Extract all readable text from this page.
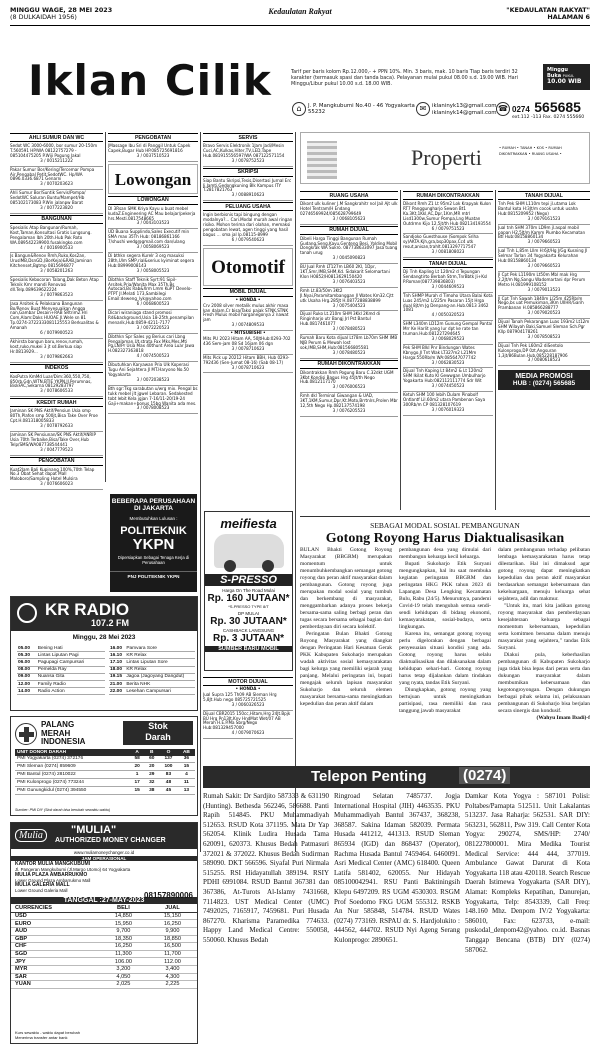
MINGGU WAGE, 28 MEI 2023
(8 DULKAIDAH 1956)
Kedaulatan Rakyat	"KEDAULATAN RAKYAT"
HALAMAN 6
Iklan Cilik	Tarif per baris kolom Rp.12.000,- + PPN 10%. Min. 3 baris, mak. 10 baris Tiap baris terdiri 32 karakter (termasuk spasi dan tanda baca). Pelayanan mulai pukul 08.00 s.d. 19.00 WIB. Hari Minggu/Libur pukul 10.00 s.d. 18.00 WIB.
Minggu
Buka PUKUL
10.00 WIB
⌂	J. P. Mangkubumi No.40 - 46 Yogyakarta 55232	✉	iklaninyk13@gmail.com
iklaninyk14@gmail.com ☎ 0274 565685
ext.112 -113 Fax. 0274 555660
AHLI SUMUR DAN WC
Sedot WC 3000-6000, bor sumur 20-150m T.560591 HP/WA 08122757279 - 085104475205 P.Wiji Pogung Jakal
3 / 0015211222
Pakar Sumur Bor/Kering/Tercemar Pompa Air,Pengabal Petit,SedotWC. Hp/WA 0896.0336.6871 Genarni
3 / 0070203623
Ahli Sumur Bor/Suntik Servis/Pompa/ SedotWC Saluran Buntu/Mampet/Hb 085102173083 P.Win jalanpw Barat
3 / 0077223820
BANGUNAN
Spesialis Atap Bangunan/Rumah, Kost,Taman,Konsultasi Gratis Lungsung. Pengalaman lbh 20th.Hub Pak Roto WA.089542239900.fusakingko.com
4 / 0016900533
Js Bangun&Renov Rmh,Ruko,Kos2an, UrusIMB,DsnGD,(BorKeja)&RAB,Jaminan Kitchenset,Bgtmp 0815696877
3 / 0058201263
Spesialis Kebocoran Talang,Dak Beton Atap Teknik Kmr mandi Renovasi dll.Telp.089639622224
3 / 0079863523
Jasa Arsitek & Pelaksana Bangunan Bo/Renov Buat Menyesuaikan Angga nan,Gambar Desain+RAB SRtrim2.Hri Com,Alam:Daks HUOAE Jl.Wele sn 81 Tp.0274-3722333081125553 Berkualitas & Amanah
6 / 0079900523
Akhirsta bangun baru,renov,rumah, kost,ruko,mukei 3 jt sd.Berkua siap Hr.0813929...
3 / 0079862663
INDEKOS
KosPutra KmMd Luar/Dim:360,550,750, 850rb,Gdn,WTN,BTIE YKPN,Jl.Perumnas, BiskFAC,Sekarna 08129283797
3 / 0078606533
KREDIT RUMAH
Jaminan SK PNS Aktif/Pensiun Usia smp 80Th,Plafon smp 500jt,Bisa Take Over Proe Cpt.H.081318005833
3 / 0078792633
Jaminan SK Pensiunan/SK PNS Aktif/ANRIP Usia 70th Terbaike,Bisa/Take Over,Hub Telp/SMS/WA087738544441
3 / 0047779523
PENGOBATAN
Kuat2Jam Bali Kupinang 100%,70th Telap No.3 Obat Sehat dapat Mall Maloboro/Sampling Hotel Mulsira
3 / 0076606023
PENGOBATAN
JMassage Ibu Sri di Panggil Untuk Capek Capek,Bugar Hub HP.085725691816
3 / 0037510523
Lowongan
LOWONGAN
Dl 3Rsan SMK Kriya Kayu u buat mebel kudaZ.Engineering AC Mau belajar/pekerja hrs.Mesti.0817548665
3 / 0043103523
UD Buana Supplindo,Sales Executif min SMA max 35Th Hub: 08186861166 7/shushi wedg@gmail.com dan/ulang
3 / 0058069523
Di bthkn segera Kurelr 3 org masuksi 28th,Ulm SMP,rial&serius kyiminat segera Hub:08999008143
3 / 0058005523
Dibthkn Staff Teknik Syrt:91 Sipil-Arsitek,Pria/Wanita Max 35Th,Bs Autocad,Bs Rab&Xrm Lmm KuPT Develo-PTPT Jl.Melati 173,Sambilegi Email:deweng_lyk@yahoo.com
6 / 0068600523
Dicari wiraniaga stand promosi Rd&background,Usia 18-25th,penampilan menarik,Hub:0859-4211-7177
3 / 0072220523
Dibthkn Spr Sales yg Berius cari Lbng Pengalaman,Ut.strata Fax Mks,Mes,Mti Pg,LN/Pr Usia Max 40thunt Area Luar Jawa H.082327363818
4 / 0074500523
Dibutuhkan Karyawan Pria Ulk Koperasi Tugu Ani Sejahtera Jl MT.Haryono No.50 Yogyakarta
3 / 0072038523
Bth sgr:Tkg sarabutan u/wrg mix. Pengal bs tukk mebel jlt jgwel Lebaran. Sedakested tobt lebit Kela jgjan 7-16/11-20/19-24 Gaji+makan+bonus 15bg Wanita ada mes.
3 / 0078008523
BEBERAPA PERUSAHAAN
DI JAKARTA
Membutuhkan Lulusan :
POLITEKNIK
YKPN
Dipersiapkan Sebagai Tenaga Kerja di
Perusahaan
PNJ POLITEKNIK YKPN
SERVIS
Bravo Servis Elektronik 1Jam Jadi/Mesin Cuci,AC,Kulkas,Hiter,TV,LED,Tape Hub.081915556597/WA 087122571154
3 / 0078752523
SKRIPSI
Siap Bantu Skripsi,Tesis,Disertasi Jurnal Erc Ji.Jamti,Gedongkuning Blk Kampus ITY T.2817821763
3 / 0088910623
PELUANG USAHA
Ingin berbisnis tapi bingung dengan modalnya?... Cari.Modal murah awal ringan risiko. Mohon terima dari olahan, memaksi pengobatan lewat, agen tinggi yang hasil bagus ... sma jal lp.08115-8999
6 / 0079540623
Otomotif
MOBIL DIJUAL
• HONDA •
Crv 2008 silver metalik mulus akhir masa kan dalam,Cr bisa/Taksi pajak STNK,STNK Fresh Mulus mobil harganegonya 2 nawat jam
3 / 0074809533
• MITSUBISHI •
Mits PU 2023 Hitam AA, 50JtHub:0293-702 436 Sem-jam 08 Sd 16jam 06 dgn
3 / 0078710623
Mits Pick up 20212 Hitam BBH, Hub 0293-792436 (Sen-Jumat 08-16) (Sab 08-17)
3 / 0078710623
meifiesta
S-PRESSO
Harga On The Road Mulai
Rp. 160 JUTAAN*
*S-PRESSO TYPE 8/T
DP MULAI
Rp. 30 JUTAAN*
CASHBACK LANGSUNG
Rp. 3 JUTAAN*
SUMBER BARU MOBIL
MOTOR DIJUAL
• HONDA •
Jual Supra 125 Th09 AB Sleman Hrg 5,8Jt.Hub nego 085725721525
3 / 0060326523
Dijual CBR2015 150cc,Hitam,Hrg 24Jt.Bpjk BU Hrg Pn13Jt,Knv HndMat Wet/07 AB Merah H.E.P.Ma Sbrg/Nego Hub:081329457000
4 / 0079070623
Properti	• RUMAH • TANAH • KOS • RUMAH DIKONTRAKKAN • RUANG USAHA •
RUANG USAHA
Dikont ulk kuliner J.M Sangkrahitr nol Jail Ajt ulk Hotel Tentram/H Endang 02746569924/085628799649
3 / 0068105623
RUMAH DIJUAL
Dibeli Harga Tinggi Bangunan Rumah Gudang,Seng,Kayu,Genteng Besi, Yolding Mobil Dongkrak WA Sukro. 087738633097 Jasa tuang tanah urug
3 / 0045090823
BU Jual Rmh LT127m LB60 2KI, 1Dpr, 1KT,Smr,IMB,SHM,Kd. Sidakarit Selomartani Klon H0852/H0813629150420
3 / 0076403523
Rmh Lt.83/50m 3Kt2 Jl.Nyai,Paramitambanggan Jl Wates Km32.Cjtt utk Usaha Hrg.285Jt H.0877288838899
3 / 0075404523
Dijual Ruko Lt.210m SHM 3Kkl 2Kmd di Ringinharjo utr Bangj Jrl Pst Bantul Hub.0817461077
3 / 0078480523
Rumah Baru Kota dijual Lt78m Lb70m SHM IMB NJB Perum & Mewah lost sok,IMB,SHM,Hub:081566805581
3 / 0078480523
RUMAH DIKONTRAKKAN
Dikontrakkan Rmh Pogung Baru C.32dkt UGM 3Kbt Kondisi Bagus Hrg 45Jt/th Nego Hub.0812117170
3 / 0076006523
Rmh dkl Terminal Giwangan & UAD, 3KT,1KM,Sumur,Dpr,Kt.Moto,Brrtnlrs,Prolen Mbr 12,5th Nego Hp.082137574198
3 / 0076205523
RUMAH DIKONTRAKKAN
Dikont Rmh Z1 Lt 95m2 Lok Krapyak Kulon RT7 Panggungharjo Sewon Bt1 Ka.3Kt,1Kkl,AC,Dpr,1Km,MR mtrl Lisd1300w,Sumur Pompa,Lng Muatan Outdrmn Kijo 12,5jt/th Hub 082134193554
6 / 0079751523
Sandjoko Guesthouse (Sompok Sriha sy)AKTA.Kjh,gra,bsp30pax,Cc4 utk resut,anisan,trahlt.0813297717547
3 / 0081808023
TANAH DIJUAL
Dji Tnh Kapling Lt 120m2 d Tepungan Sendangtirto Berbah Strm,TnrBbtk Ji+Ksl P.Roman(087739836803)
3 / 0044609523
Tnh SHMP Murah d Timoho Utara Balai Kota Luas 245/m2 L/225m Pasaran 15jt Hrga dual 8jt/m Jg Denpang-an.Hub.0813 3462 1081
4 / 0050320523
SHM L340m LD12m Gunung Gempal Pantai Mrr Ke Harlit yang lur dpt ke rate tan truman.Hub:081227294645
3 / 0068029523
Pek SHM Blkl Pnr Bindungan Wates Kbnygo.Jl Tnt Wak LT327m2 L21Mm Harga:550Rb/m WA:085647077742
3 / 0062830523
Dijual Tnh Kaping Lt 84m2 & Lt 120m2 SHM Ikilat Kuto Kl Gewwgan Umbulharjo Yogakarta Hub:082112111774 Sdr Wit
3 / 0074450523
Ketuh SHM 100 lebih Dulam Pinabolf Ontlantf Lil.60m2 utara Pambenan Saya 300Rb/m CP 081328107619
3 / 0076019323
TANAH DIJUAL
Tnh Pek SHM L110m tepi jl.utama Lok Bantul kota H:3Jt/m cocok untuk usaha Hub:0815209952 (Nego)
3 / 0079161523
Jual tnh SHM 370m LD9m jl.aspal mobil papan H2,5Jt/m Kamm Plumbo Kecamatan Btl Hub:08158860134
3 / 0079660523
Jual Tnh L,85m Lllm H:6jt/Hg J/Gg Kusning Jl Selmar Tarlan 34 Yogyakarta Kelurahan Hub:08158860134
3 / 0079660523
Jl Cpt Pek L1190m Lt50m Mbl mak Hrg 2,2Jt/m Ng,Sangu Wadomartani dpr Perum Metro H.081999108152
3 / 0079013523
Jl Cpt Tnh Sawah 1840m L/25m 425Rb/m Nego,bs uat Pemukiman,3Km UIIHR/Garih Prambanan H.085866288777
3 / 0079020523
Dijual Tanah Pekarangan Luas 193m2 Lt12m SHM Wilayah Baki,Samuel Sleman Sch.Pgr Kllp 087904178261
3 / 0078508523
Dijual Tnh Pek L60m2 diSentolo Kulonprogo,DP 0zt,Angsuran 1,3jt/86Bulan.Hub.085228187906
3 / 0080618523
MEDIA PROMOSI
HUB : (0274) 565685
SEBAGAI MODAL SOSIAL PEMBANGUNAN
Gotong Royong Harus Diaktualisasikan

BULAN Bhakti Gotong Royong Masyarakat (BBGRM) merupakan momentum untuk menumbuhkembangkan semangat gotong royong dan peran aktif masyarakat dalam pembangunan. Gotong royong juga merupakan modal sosial yang tumbuh dan berkembang di masyarakat, menggambarkan adanya proses bekerja bersama-sama saling berbagi peran dan tugas secara bersama sebagai bagian dari pemberdayaan diri secara kolektif.

Peringatan Bulan Bhakti Gotong Royong Masyarakat yang diangkat dengan Peringatan Hari Kesatuan Gerak PKK Kabupaten Sukoharjo merupakan wadah aktivitas sosial kemasyarakatan bagi kelurga yang memiliki sejarah yang panjang. Melalui peringatan ini, bupati mengajak seluruh lapisan masyarakat Sukoharjo dan seluruh elemen masyarakat bersama-sama meningkatkan kepedulian dan peran aktif dalam

pembangunan desa yang dimulai dari membangun keluarga kecil keluarga.

Bupati Sukoharjo Etik Suryani mengungkapkan, hal itu saat membuka kegiatan peringatan BBGRM dan peringatan HKG PKK tahun 2023 di Lapangan Desa Lengking Kecamatan Bulu, Rabu (24/5). Menurutnya, pandemi Covid-19 telah mengubah semua sendi-sendi kehidupan di bidang ekonomi, kemasyarakatan, sosial-budaya, serta lingkungan.

Karena itu, semangat gotong royong perlu digelorakan dengan berbagai penyesuaian situasi kondisi yang ada. Gotong royong harus selalu diaktualisasikan dan dilaksanakan dalam kehidupan sehari-hari. Gotong royong harus tetap dijalankan dalam tindakan yang nyata, tandas Etik Suryani.

Diungkapkan, gotong royong yang bertujuan untuk meningkatkan partisipasi, rasa memiliki dan rasa tanggung jawab masyarakat

dalam pembangunan terhadap pelibatan lembaga kemasyarakatan harus tetap dilestarikan. Hal ini dimaksud agar gotong royong dapat meningkatkan kepedulian dan peran aktif masyarakat berdasarkan semangat kebersamaan dan kekeluargaan, menuju keluarga sehat sejahtera, adil dan makmur.

"Untuk itu, mari kita jadikan gotong royong masyarakat dan pemberdayaan kesejahteraan keluarga sebagai momentum kebersamaan, kepedulian serta komitmen bersama dalam menuju masyarakat yang sejahtera," tandas Etik Suryani.

Diakui pula, keberhasilan pembangunan di Kabupaten Sukoharjo juga tidak bisa lepas dari peran serta dan dukungan masyarakat dalam membumikan kebersamaan dan kegotongroyongan. Dengan dukungan berbagai pihak selama ini, pelaksanaan pembangunan di Sukoharjo bisa berjalan secara sinergis dan kondusif.

(Wahyu Imam Ibadi)-f

KR RADIO
107.2 FM
Minggu, 28 Mei 2023
05.00	Bening Hati
05.30	Lintas Liputan Pagi
06.00	Pagupagi Campursari
08.00	Pemelda Ray
09.00	Nuansa Gita
12.00	Family Radio
14.00	Radio Action
16.00	Pamvara Sore
16.10	KR Relax
17.10	Lintas Liputan Sore
18.00	KR Relax
19.15	Jagoa (Jagoyang Dangdut)
21.00	Berita NHK
22.00	Lesehan Campursari
PALANG
MERAH
INDONESIA
Stok
Darah
UNIT DONOR DARAH	A	B	O	AB
PMI Yogyakarta (0274) 372176	58	60	137	36
PMI Sleman (0274) 859609	20	20	100	15
PMI Bantul (0274) 2810022	1	29	83	4
PMI Kulonprogo (0274) 773244	17	32	48	11
PMI Gunungkidul (0274) 394550	15	38	45	13
Sumber: PMI DIY (Stok darah bisa berubah sewaktu-waktu)
Mulia	"MULIA"
AUTHORIZED MONEY CHANGER
www.muliamoneychanger.co.id
JAM OPERASIONAL
KANTOR MULIA MANGKUBUMI
Jl. Pangeran Mangkubumi (Jl.Margo Utomo) 64 Yogyakarta
MULIA PLAZA AMBARRUKMO
Lower Ground Plaza Ambarrukmo Mall
MULIA GALERIA MALL
Lower Ground Galeria Mall
08157890006
TANGGAL :27-MAY-2023
CURRENCIES	BELI	JUAL
USD	14,850	15,150
EURO	15,950	16,250
AUD	9,700	9,900
GBP	18,350	18,850
CHF	16,250	16,500
SGD	11,300	11,700
JPY	106.00	112.00
MYR	3,200	3,400
SAR	4,050	4,300
YUAN	2,025	2,225
Kurs sewaktu - waktu dapat berubah
Menerima transfer antar bank
Telepon Penting (0274)
Rumah Sakit: Dr Sardjito 587333 & 631190 (Hunting). Bethesda 562246, 586688. Panti Rapih 514845. PKU Muhammadiyah 512653. RSUD Kota 371195. Mata Dr Yap 562054. Klinik Ludira Husada Tama 620091, 620373. Khusus Bedah Patmasuri 372021 & 372022. Khusus Bedah Sudirman 589090. DKT 566596. Siyafal Puri Nirmala 515255. RSI Hidayatullah 389194. RSIY PDHI 6991084. RSUD Bantul 367381 dan 367386, At-Turots Al-Islamy 7431668, 7114823. UST Medical Center (UMC) 7492025, 7165917, 7459681. Puri Husada 867270. Kharisma Paramedika 774633. Happy Land Medical Centre: 550058, 550060. Khusus Bedah
Ringroad Selatan 7485737. Jogja International Hospital (JIH) 4463535. PKU Muhammadiyah Bantul 367437, 368238, 368587. Sakina Idaman 582039. Permata Husada 441212, 441313. RSUD Sleman 865934 (IGD) dan 868437 (Operator), Rachma Husada Bantul 7459464. 6460091. Asri Medical Center (AMC) 618400. Queen Latifa 581402, 620055. Nur Hidayah 085100042941. RSU Panti Baktiningsih Klepu 6497209. RS UGM 4530303. RSGM Prof Soedomo FKG UGM 555312. RSKB An Nur 585848, 514784. RSUD Wates (0274) 773169. RSPAU dr. S. Hardjolukito : 444562, 444702. RSUD Nyi Ageng Serang Kulonprogo: 2890651.
Damkar Kota Yogya : 587101 Polisi: Poltabes/Pamapta 512511. Unit Lakalantas 513237. Jasa Raharja: 562531. SAR DIY: 563231, 562811, Psw 319. Call Center Kota Yogya: 290274, SMS/HP: 2740/ 081227800001. Mira Medika Tourist Medical Service: 444 444, 377019. Ambulance Gawat Darurat di Kota Yogyakarta 118 atau 420118. Search Rescue Daerah Istimewa Yogyakarta (SAR DIY), Alamat: Kompleks Kepatihan, Danurejan, Yogyakarta, Telp: 8543339, Call Freq: 148.160 Mhz. Denpom IV/2 Yogyakarta: 586010, Fax: 623733, e-mail: puskodal_denpom42@yahoo. co.id. Basnas Tanggap Bencana (BTB) DIY (0274) 587062.
